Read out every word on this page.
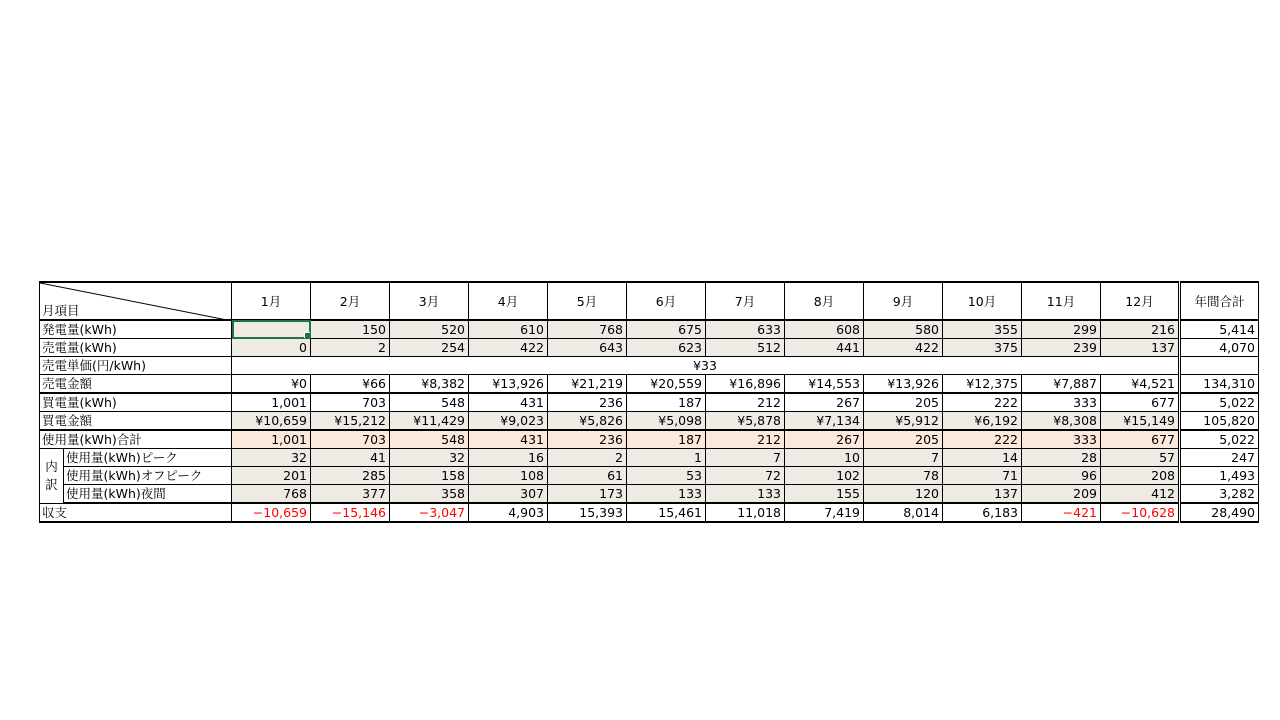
月項目		1月	2月	3月	4月	5月	6月	7月	8月	9月	10月	11月	12月	年間合計
発電量(kWh)			150	520	610	768	675	633	608	580	355	299	216	5,414
売電量(kWh)		0	2	254	422	643	623	512	441	422	375	239	137	4,070
売電単価(円/kWh)		¥33												
売電金額		¥0	¥66	¥8,382	¥13,926	¥21,219	¥20,559	¥16,896	¥14,553	¥13,926	¥12,375	¥7,887	¥4,521	134,310
買電量(kWh)		1,001	703	548	431	236	187	212	267	205	222	333	677	5,022
買電金額		¥10,659	¥15,212	¥11,429	¥9,023	¥5,826	¥5,098	¥5,878	¥7,134	¥5,912	¥6,192	¥8,308	¥15,149	105,820
使用量(kWh)合計		1,001	703	548	431	236	187	212	267	205	222	333	677	5,022
内
訳	使用量(kWh)ピーク	32	41	32	16	2	1	7	10	7	14	28	57	247
	使用量(kWh)オフピーク	201	285	158	108	61	53	72	102	78	71	96	208	1,493
	使用量(kWh)夜間	768	377	358	307	173	133	133	155	120	137	209	412	3,282
収支		−10,659	−15,146	−3,047	4,903	15,393	15,461	11,018	7,419	8,014	6,183	−421	−10,628	28,490
